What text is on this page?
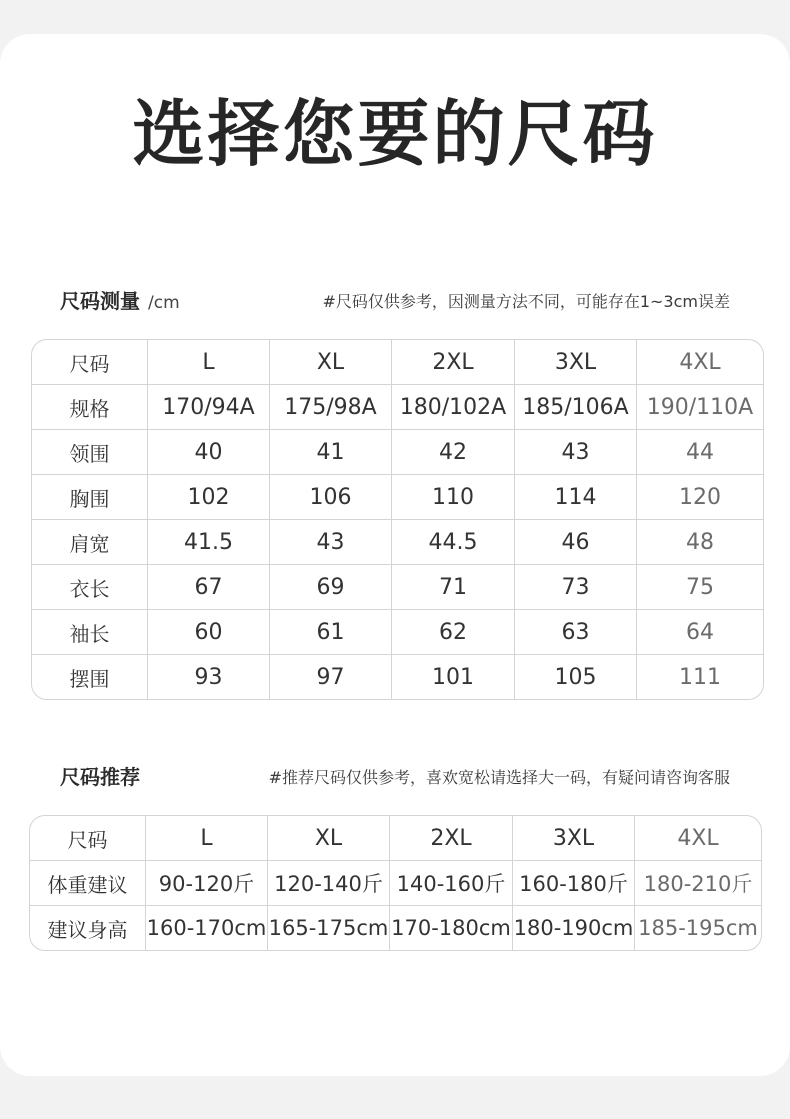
选择您要的尺码
尺码测量 /cm	#尺码仅供参考，因测量方法不同，可能存在1~3cm误差
尺码	L	XL	2XL	3XL	4XL
规格	170/94A	175/98A	180/102A	185/106A	190/110A
领围	40	41	42	43	44
胸围	102	106	110	114	120
肩宽	41.5	43	44.5	46	48
衣长	67	69	71	73	75
袖长	60	61	62	63	64
摆围	93	97	101	105	111
尺码推荐	#推荐尺码仅供参考，喜欢宽松请选择大一码，有疑问请咨询客服
尺码	L	XL	2XL	3XL	4XL
体重建议	90-120斤	120-140斤	140-160斤	160-180斤	180-210斤
建议身高	160-170cm	165-175cm	170-180cm	180-190cm	185-195cm
